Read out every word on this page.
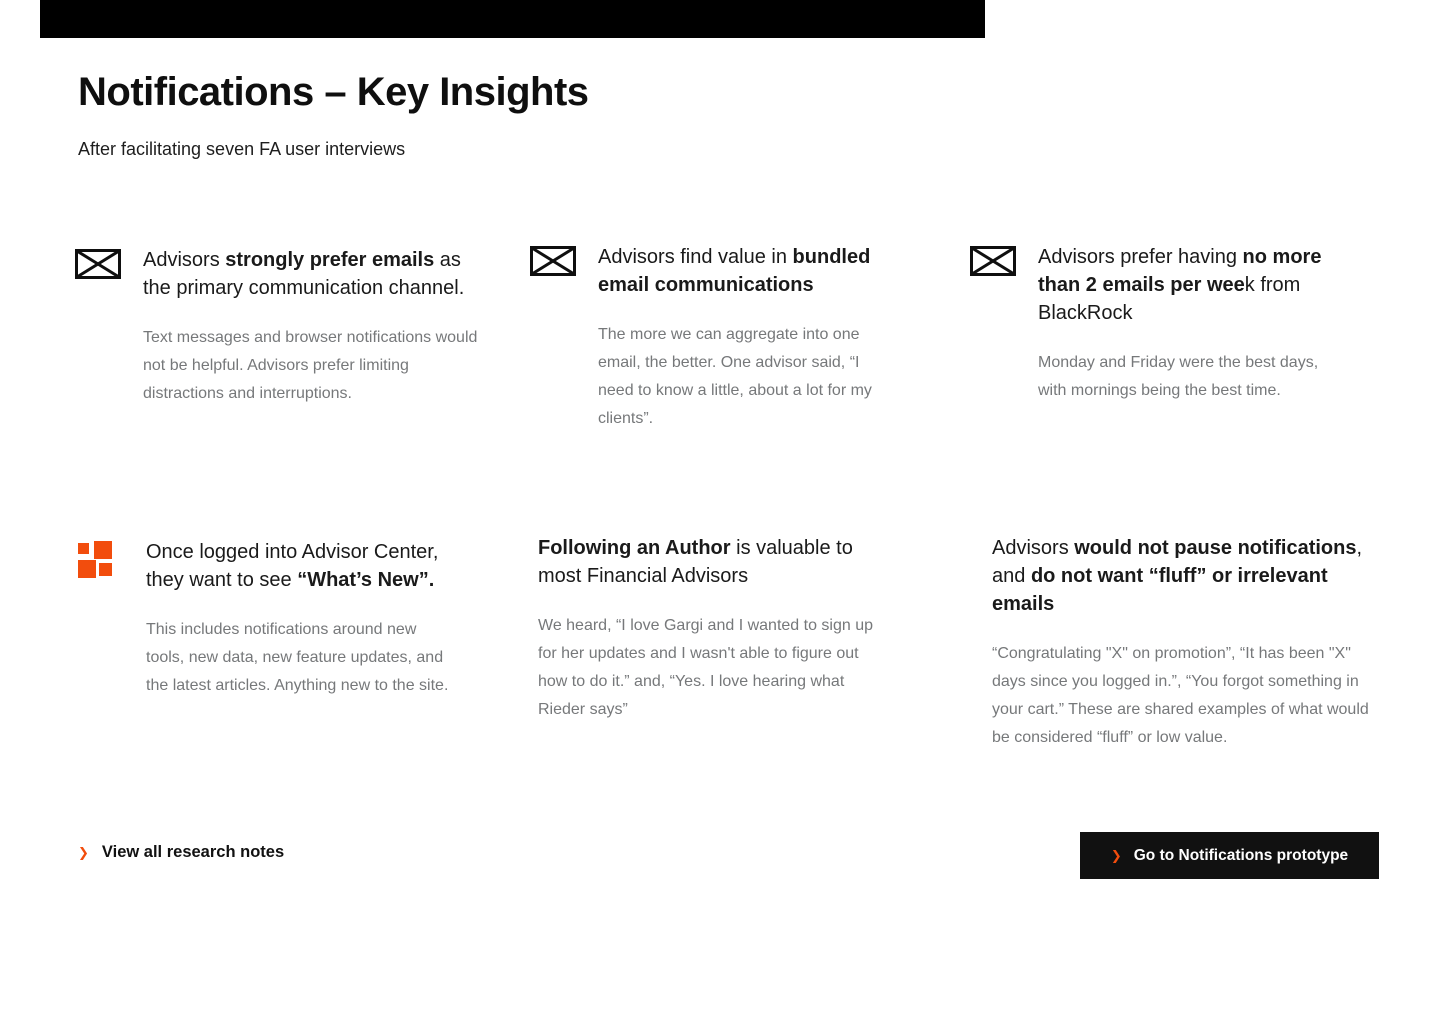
Notifications – Key Insights
After facilitating seven FA user interviews
Advisors strongly prefer emails as the primary communication channel.
Text messages and browser notifications would not be helpful. Advisors prefer limiting distractions and interruptions.
Advisors find value in bundled email communications
The more we can aggregate into one email, the better. One advisor said, “I need to know a little, about a lot for my clients”.
Advisors prefer having no more than 2 emails per week from BlackRock
Monday and Friday were the best days, with mornings being the best time.
Once logged into Advisor Center, they want to see “What’s New”.
This includes notifications around new tools, new data, new feature updates, and the latest articles. Anything new to the site.
Following an Author is valuable to most Financial Advisors
We heard, “I love Gargi and I wanted to sign up for her updates and I wasn't able to figure out how to do it.” and, “Yes. I love hearing what Rieder says”
Advisors would not pause notifications, and do not want “fluff” or irrelevant emails
“Congratulating "X" on promotion”, “It has been "X" days since you logged in.”, “You forgot something in your cart.” These are shared examples of what would be considered “fluff” or low value.
❯ View all research notes	❯ Go to Notifications prototype
